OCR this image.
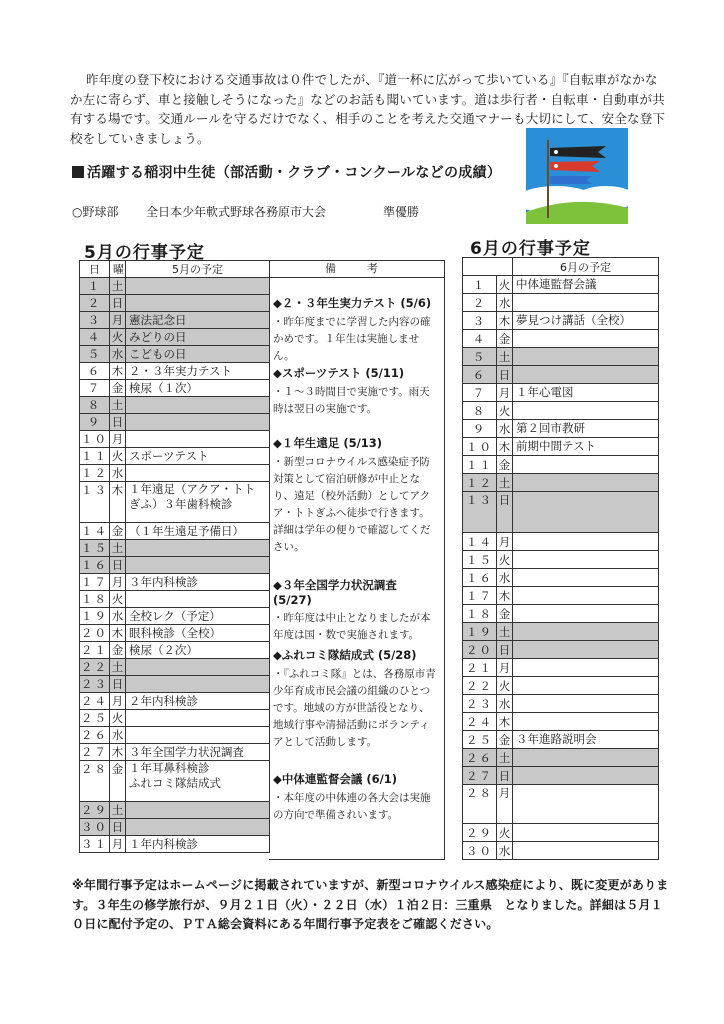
昨年度の登下校における交通事故は０件でしたが、『道一杯に広がって歩いている』『自転車がなかなか左に寄らず、車と接触しそうになった』などのお話も聞いています。道は歩行者・自転車・自動車が共有する場です。交通ルールを守るだけでなく、相手のことを考えた交通マナーも大切にして、安全な登下校をしていきましょう。
活躍する稲羽中生徒（部活動・クラブ・コンクールなどの成績）
○野球部 全日本少年軟式野球各務原市大会	準優勝
5月の行事予定	6月の行事予定
日	曜	5月の予定
１	土	
２	日	
３	月	憲法記念日
４	火	みどりの日
５	水	こどもの日
６	木	２・３年実力テスト
７	金	検尿（１次）
８	土	
９	日	
１０	月	
１１	火	スポーツテスト
１２	水	
１３	木	１年遠足（アクア・トトぎふ）３年歯科検診
１４	金	（１年生遠足予備日）
１５	土	
１６	日	
１７	月	３年内科検診
１８	火	
１９	水	全校レク（予定）
２０	木	眼科検診（全校）
２１	金	検尿（２次）
２２	土	
２３	日	
２４	月	２年内科検診
２５	火	
２６	水	
２７	木	３年全国学力状況調査
２８	金	１年耳鼻科検診
ふれコミ隊結成式
２９	土	
３０	日	
３１	月	１年内科検診
備　考
◆２・３年生実力テスト (5/6)
・昨年度までに学習した内容の確かめです。１年生は実施しません。
◆スポーツテスト (5/11)
・１～３時間目で実施です。雨天時は翌日の実施です。
◆１年生遠足 (5/13)
・新型コロナウイルス感染症予防対策として宿泊研修が中止となり、遠足（校外活動）としてアクア・トトぎふへ徒歩で行きます。詳細は学年の便りで確認してください。
◆３年全国学力状況調査 (5/27)
・昨年度は中止となりましたが本年度は国・数で実施されます。
◆ふれコミ隊結成式 (5/28)
・『ふれコミ隊』とは、各務原市青少年育成市民会議の組織のひとつです。地域の方が世話役となり、地域行事や清掃活動にボランティアとして活動します。
◆中体連監督会議 (6/1)
・本年度の中体連の各大会は実施の方向で準備されいます。
		6月の予定
１	火	中体連監督会議
２	水	
３	木	夢見つけ講話（全校）
４	金	
５	土	
６	日	
７	月	１年心電図
８	火	
９	水	第２回市教研
１０	木	前期中間テスト
１１	金	
１２	土	
１３	日	
１４	月	
１５	火	
１６	水	
１７	木	
１８	金	
１９	土	
２０	日	
２１	月	
２２	火	
２３	水	
２４	木	
２５	金	３年進路説明会
２６	土	
２７	日	
２８	月	
２９	火	
３０	水	
※年間行事予定はホームページに掲載されていますが、新型コロナウイルス感染症により、既に変更があります。３年生の修学旅行が、９月２１日（火）・２２日（水）１泊２日：三重県　となりました。詳細は５月１０日に配付予定の、ＰＴＡ総会資料にある年間行事予定表をご確認ください。
